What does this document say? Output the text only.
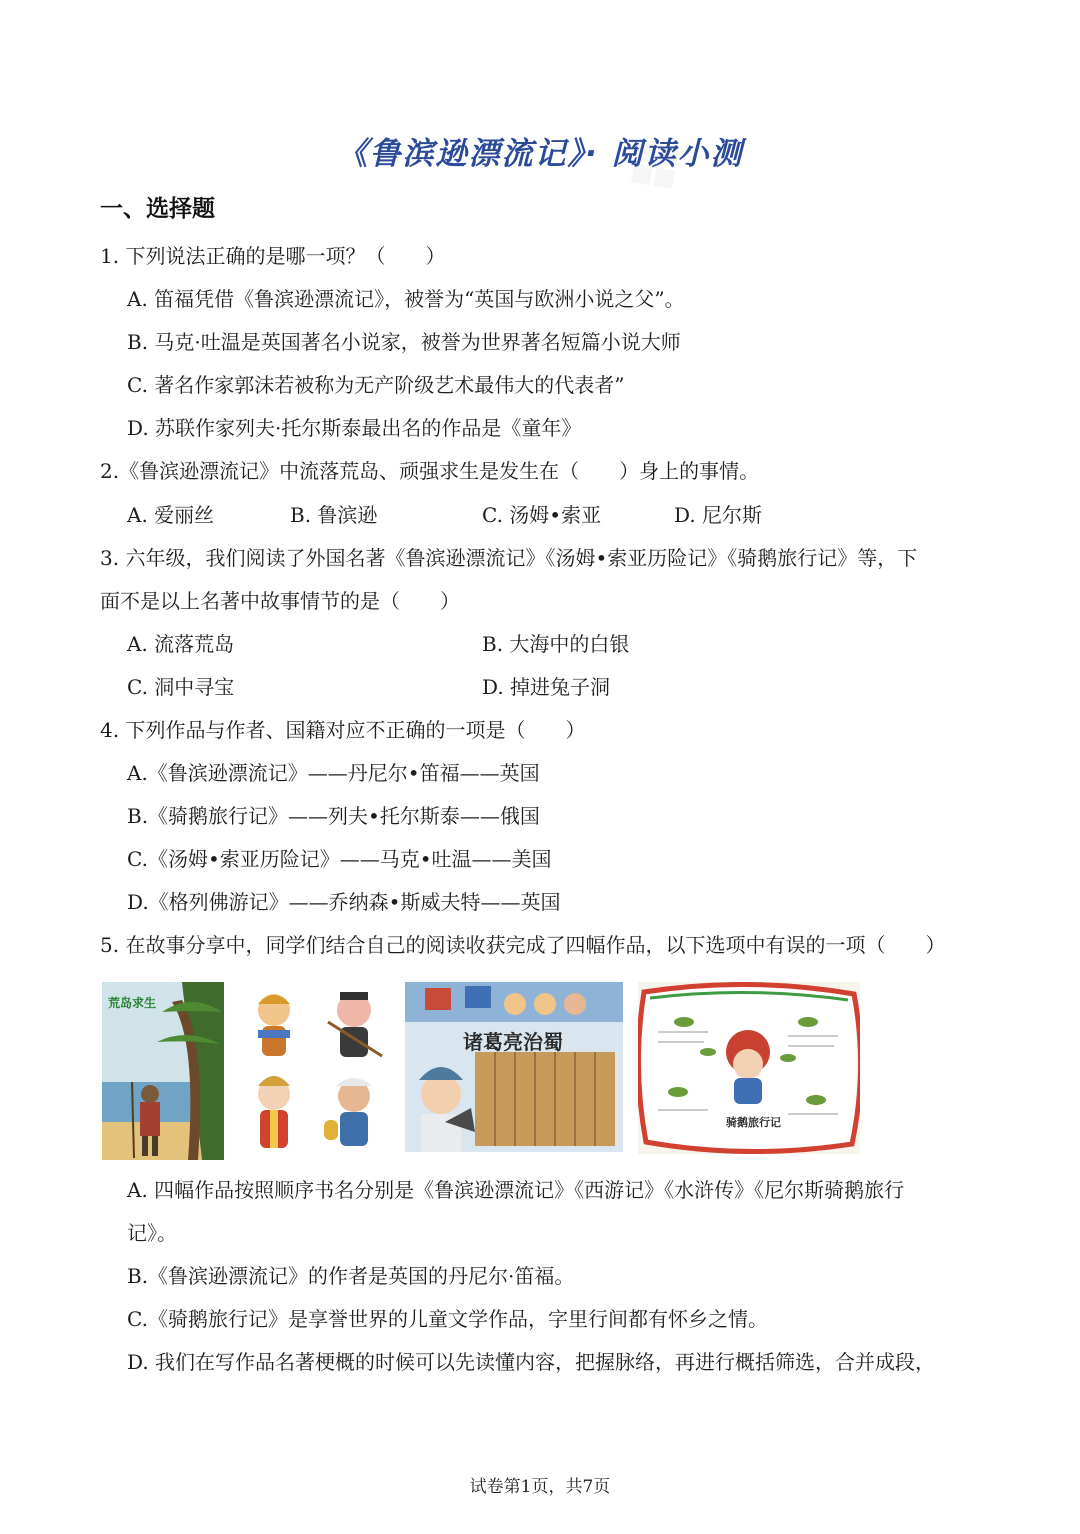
《鲁滨逊漂流记》· 阅读小测
一、选择题
1. 下列说法正确的是哪一项？（　　）
A. 笛福凭借《鲁滨逊漂流记》，被誉为“英国与欧洲小说之父”。
B. 马克·吐温是英国著名小说家，被誉为世界著名短篇小说大师
C. 著名作家郭沫若被称为无产阶级艺术最伟大的代表者”
D. 苏联作家列夫·托尔斯泰最出名的作品是《童年》
2.《鲁滨逊漂流记》中流落荒岛、顽强求生是发生在（　　）身上的事情。
A. 爱丽丝	B. 鲁滨逊	C. 汤姆•索亚	D. 尼尔斯
3. 六年级，我们阅读了外国名著《鲁滨逊漂流记》《汤姆•索亚历险记》《骑鹅旅行记》等，下
面不是以上名著中故事情节的是（　　）
A. 流落荒岛	B. 大海中的白银
C. 洞中寻宝	D. 掉进兔子洞
4. 下列作品与作者、国籍对应不正确的一项是（　　）
A.《鲁滨逊漂流记》——丹尼尔•笛福——英国
B.《骑鹅旅行记》——列夫•托尔斯泰——俄国
C.《汤姆•索亚历险记》——马克•吐温——美国
D.《格列佛游记》——乔纳森•斯威夫特——英国
5. 在故事分享中，同学们结合自己的阅读收获完成了四幅作品，以下选项中有误的一项（　　）
荒岛求生
诸葛亮治蜀
骑鹅旅行记
A. 四幅作品按照顺序书名分别是《鲁滨逊漂流记》《西游记》《水浒传》《尼尔斯骑鹅旅行
记》。
B.《鲁滨逊漂流记》的作者是英国的丹尼尔·笛福。
C.《骑鹅旅行记》是享誉世界的儿童文学作品，字里行间都有怀乡之情。
D. 我们在写作品名著梗概的时候可以先读懂内容，把握脉络，再进行概括筛选，合并成段，
试卷第1页，共7页
